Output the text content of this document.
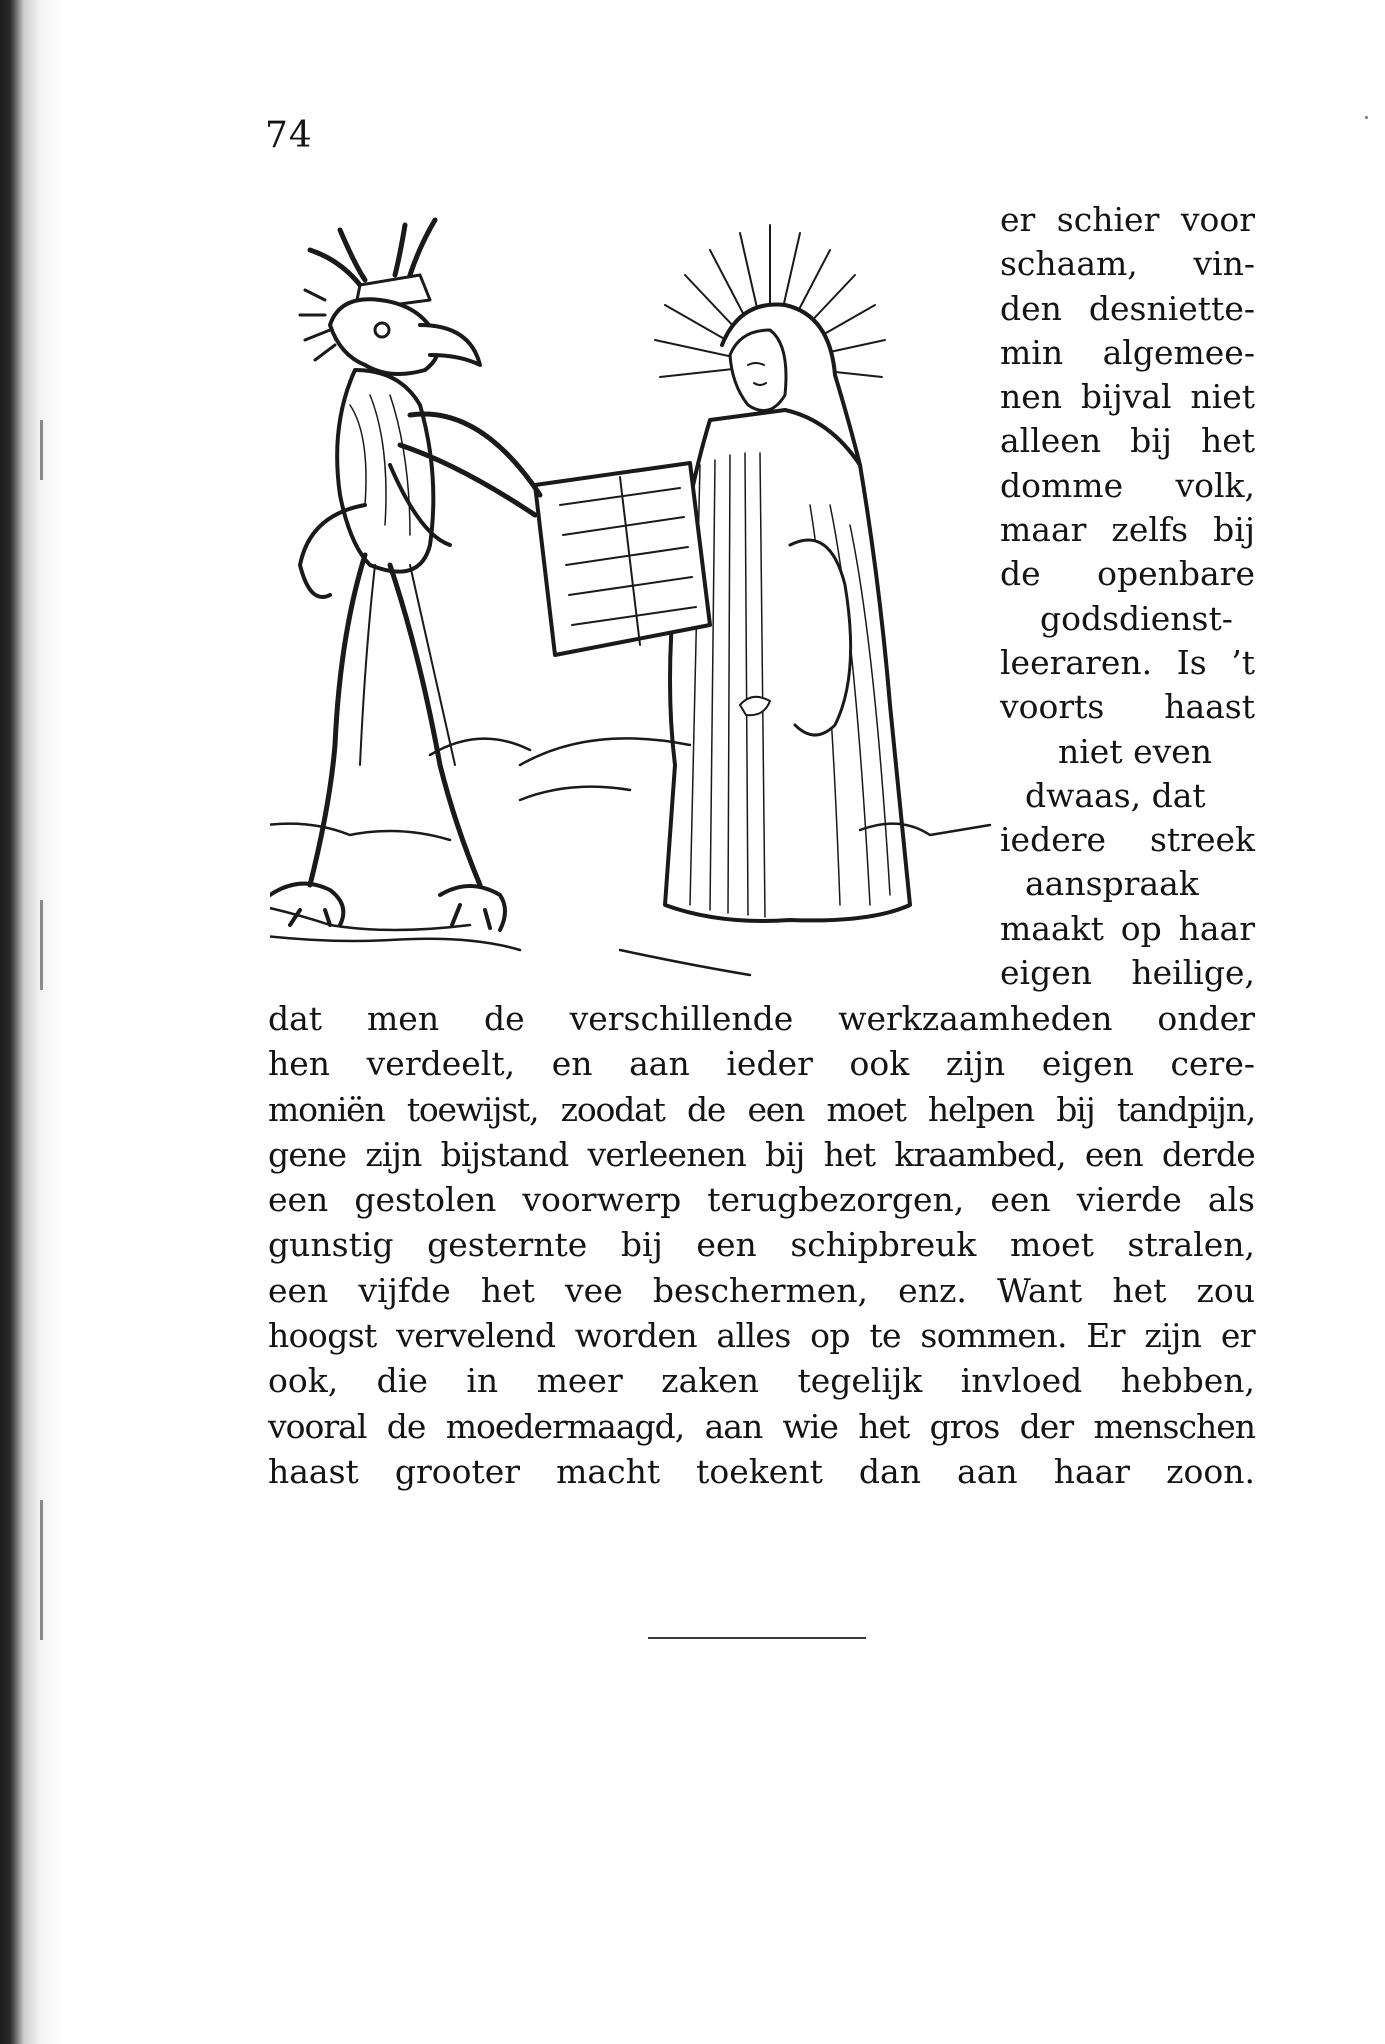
74
er schier voor
schaam, vin-
den desniette-
min algemee-
nen bijval niet
alleen bij het
domme volk,
maar zelfs bij
de openbare
godsdienst-
leeraren. Is ’t
voorts haast
niet even
dwaas, dat
iedere streek
aanspraak
maakt op haar
eigen heilige,
dat men de verschillende werkzaamheden onder
hen verdeelt, en aan ieder ook zijn eigen cere-
moniën toewijst, zoodat de een moet helpen bij tandpijn,
gene zijn bijstand verleenen bij het kraambed, een derde
een gestolen voorwerp terugbezorgen, een vierde als
gunstig gesternte bij een schipbreuk moet stralen,
een vijfde het vee beschermen, enz. Want het zou
hoogst vervelend worden alles op te sommen. Er zijn er
ook, die in meer zaken tegelijk invloed hebben,
vooral de moedermaagd, aan wie het gros der menschen
haast grooter macht toekent dan aan haar zoon.
